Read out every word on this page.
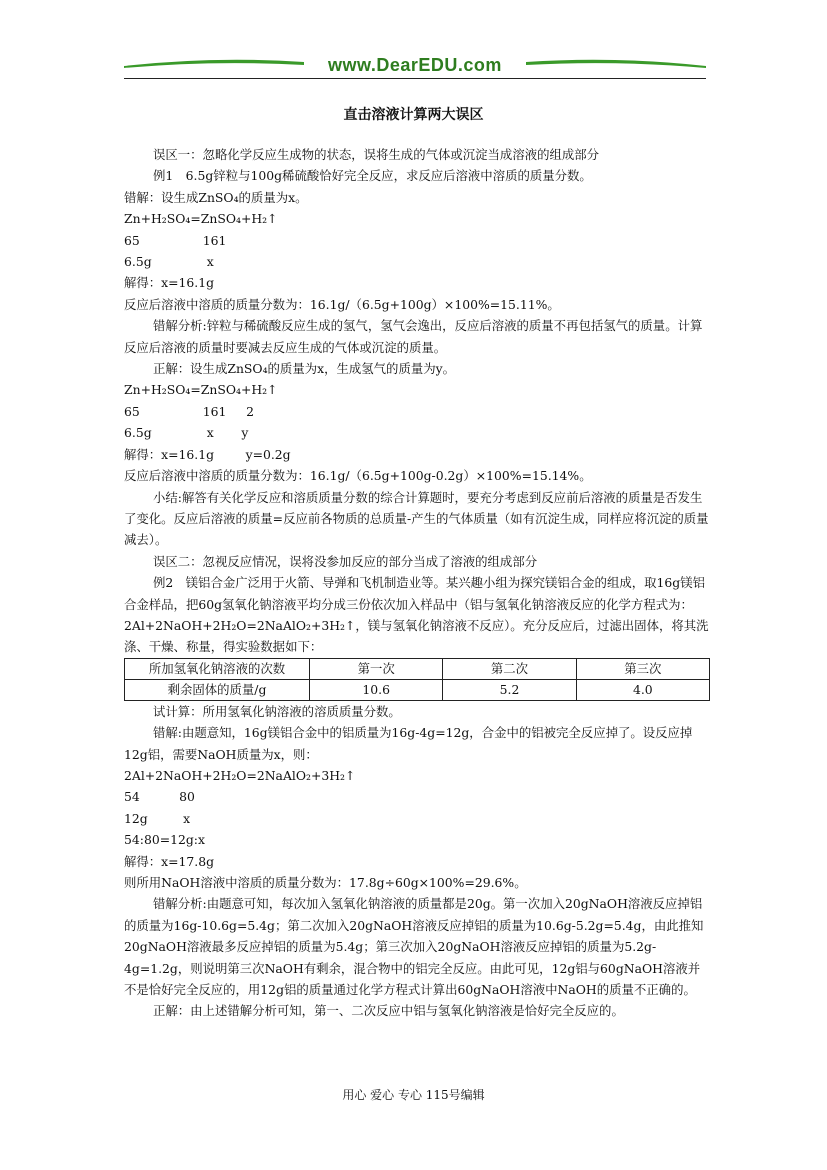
www.DearEDU.com
直击溶液计算两大误区

误区一：忽略化学反应生成物的状态，误将生成的气体或沉淀当成溶液的组成部分

例1　6.5g锌粒与100g稀硫酸恰好完全反应，求反应后溶液中溶质的质量分数。

错解：设生成ZnSO₄的质量为x。

Zn+H₂SO₄=ZnSO₄+H₂↑

65                161

6.5g              x

解得：x=16.1g

反应后溶液中溶质的质量分数为：16.1g/（6.5g+100g）×100%=15.11%。

错解分析:锌粒与稀硫酸反应生成的氢气，氢气会逸出，反应后溶液的质量不再包括氢气的质量。计算反应后溶液的质量时要减去反应生成的气体或沉淀的质量。

正解：设生成ZnSO₄的质量为x，生成氢气的质量为y。

Zn+H₂SO₄=ZnSO₄+H₂↑

65                161     2

6.5g              x       y

解得：x=16.1g        y=0.2g

反应后溶液中溶质的质量分数为：16.1g/（6.5g+100g-0.2g）×100%=15.14%。

小结:解答有关化学反应和溶质质量分数的综合计算题时，要充分考虑到反应前后溶液的质量是否发生了变化。反应后溶液的质量=反应前各物质的总质量-产生的气体质量（如有沉淀生成，同样应将沉淀的质量减去）。

误区二：忽视反应情况，误将没参加反应的部分当成了溶液的组成部分

例2　镁铝合金广泛用于火箭、导弹和飞机制造业等。某兴趣小组为探究镁铝合金的组成，取16g镁铝合金样品，把60g氢氧化钠溶液平均分成三份依次加入样品中（铝与氢氧化钠溶液反应的化学方程式为：2Al+2NaOH+2H₂O=2NaAlO₂+3H₂↑，镁与氢氧化钠溶液不反应）。充分反应后，过滤出固体，将其洗涤、干燥、称量，得实验数据如下：

所加氢氧化钠溶液的次数	第一次	第二次	第三次
剩余固体的质量/g	10.6	5.2	4.0

试计算：所用氢氧化钠溶液的溶质质量分数。

错解:由题意知，16g镁铝合金中的铝质量为16g-4g=12g，合金中的铝被完全反应掉了。设反应掉12g铝，需要NaOH质量为x，则：

2Al+2NaOH+2H₂O=2NaAlO₂+3H₂↑

54          80

12g         x

54:80=12g:x

解得：x=17.8g

则所用NaOH溶液中溶质的质量分数为：17.8g÷60g×100%=29.6%。

错解分析:由题意可知，每次加入氢氧化钠溶液的质量都是20g。第一次加入20gNaOH溶液反应掉铝的质量为16g-10.6g=5.4g；第二次加入20gNaOH溶液反应掉铝的质量为10.6g-5.2g=5.4g，由此推知20gNaOH溶液最多反应掉铝的质量为5.4g；第三次加入20gNaOH溶液反应掉铝的质量为5.2g-4g=1.2g，则说明第三次NaOH有剩余，混合物中的铝完全反应。由此可见，12g铝与60gNaOH溶液并不是恰好完全反应的，用12g铝的质量通过化学方程式计算出60gNaOH溶液中NaOH的质量不正确的。

正解：由上述错解分析可知，第一、二次反应中铝与氢氧化钠溶液是恰好完全反应的。

用心 爱心 专心 115号编辑
